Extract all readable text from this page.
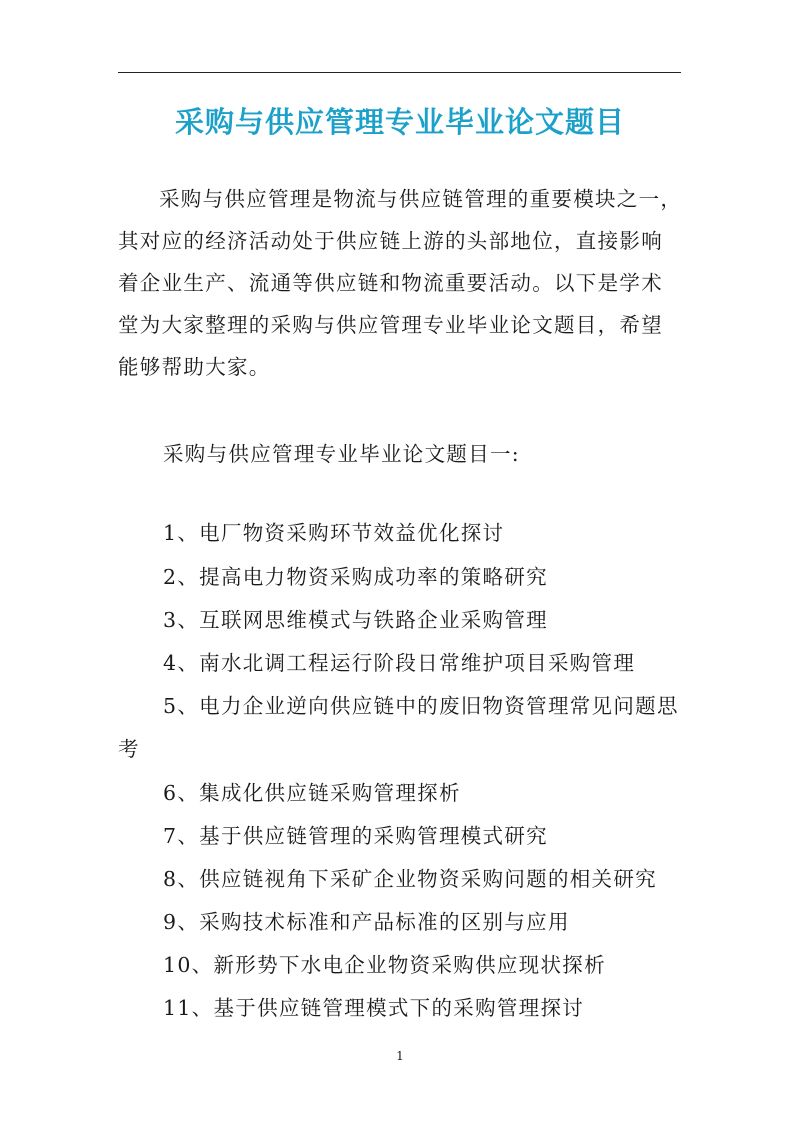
采购与供应管理专业毕业论文题目

采购与供应管理是物流与供应链管理的重要模块之一，其对应的经济活动处于供应链上游的头部地位，直接影响着企业生产、流通等供应链和物流重要活动。以下是学术堂为大家整理的采购与供应管理专业毕业论文题目，希望能够帮助大家。

采购与供应管理专业毕业论文题目一:
1、电厂物资采购环节效益优化探讨
2、提高电力物资采购成功率的策略研究
3、互联网思维模式与铁路企业采购管理
4、南水北调工程运行阶段日常维护项目采购管理
5、电力企业逆向供应链中的废旧物资管理常见问题思
考
6、集成化供应链采购管理探析
7、基于供应链管理的采购管理模式研究
8、供应链视角下采矿企业物资采购问题的相关研究
9、采购技术标准和产品标准的区别与应用
10、新形势下水电企业物资采购供应现状探析
11、基于供应链管理模式下的采购管理探讨
1
